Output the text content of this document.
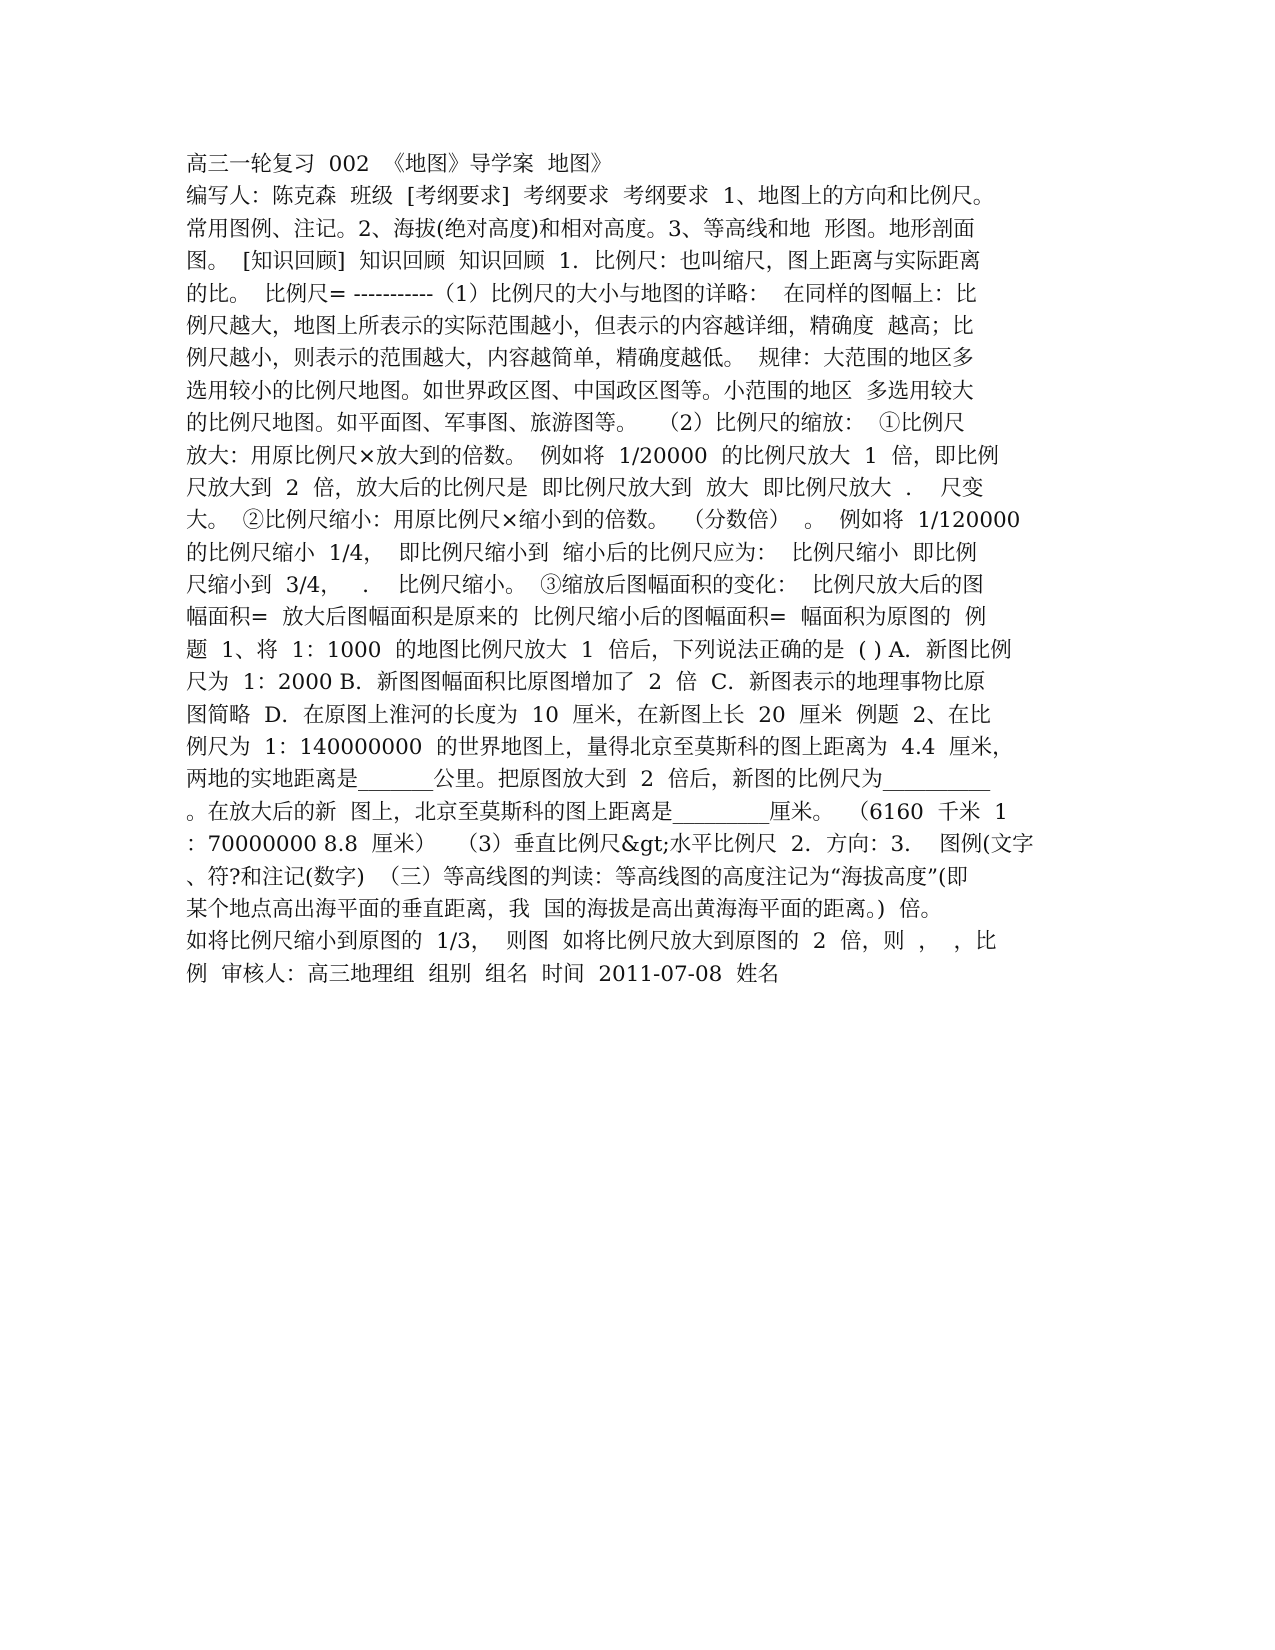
高三一轮复习  002  《地图》导学案  地图》
编写人：陈克森  班级  [考纲要求]  考纲要求  考纲要求  1、地图上的方向和比例尺。
常用图例、注记。2、海拔(绝对高度)和相对高度。3、等高线和地  形图。地形剖面
图。  [知识回顾]  知识回顾  知识回顾  1．比例尺：也叫缩尺，图上距离与实际距离
的比。  比例尺= -----------（1）比例尺的大小与地图的详略：  在同样的图幅上：比
例尺越大，地图上所表示的实际范围越小，但表示的内容越详细，精确度  越高；比
例尺越小，则表示的范围越大，内容越简单，精确度越低。  规律：大范围的地区多
选用较小的比例尺地图。如世界政区图、中国政区图等。小范围的地区  多选用较大
的比例尺地图。如平面图、军事图、旅游图等。   （2）比例尺的缩放：  ①比例尺
放大：用原比例尺×放大到的倍数。  例如将  1/20000  的比例尺放大  1  倍，即比例
尺放大到  2  倍，放大后的比例尺是  即比例尺放大到  放大  即比例尺放大  ．  尺变
大。  ②比例尺缩小：用原比例尺×缩小到的倍数。  （分数倍）  。  例如将  1/120000
的比例尺缩小  1/4，  即比例尺缩小到  缩小后的比例尺应为：  比例尺缩小  即比例
尺缩小到  3/4，   ．  比例尺缩小。  ③缩放后图幅面积的变化：  比例尺放大后的图
幅面积=  放大后图幅面积是原来的  比例尺缩小后的图幅面积=  幅面积为原图的  例
题  1、将  1：1000  的地图比例尺放大  1  倍后，下列说法正确的是  ( ) A．新图比例
尺为  1：2000 B．新图图幅面积比原图增加了  2  倍  C．新图表示的地理事物比原
图简略  D．在原图上淮河的长度为  10  厘米，在新图上长  20  厘米  例题  2、在比
例尺为  1：140000000  的世界地图上，量得北京至莫斯科的图上距离为  4.4  厘米，
两地的实地距离是_______公里。把原图放大到  2  倍后，新图的比例尺为__________
。在放大后的新  图上，北京至莫斯科的图上距离是_________厘米。  （6160  千米  1
：70000000 8.8  厘米）   （3）垂直比例尺&gt;水平比例尺  2．方向：3．  图例(文字
、符?和注记(数字)  （三）等高线图的判读：等高线图的高度注记为“海拔高度”(即
某个地点高出海平面的垂直距离，我  国的海拔是高出黄海海平面的距离。)  倍。
如将比例尺缩小到原图的  1/3，  则图  如将比例尺放大到原图的  2  倍，则  ，  ，比
例  审核人：高三地理组  组别  组名  时间  2011-07-08  姓名
